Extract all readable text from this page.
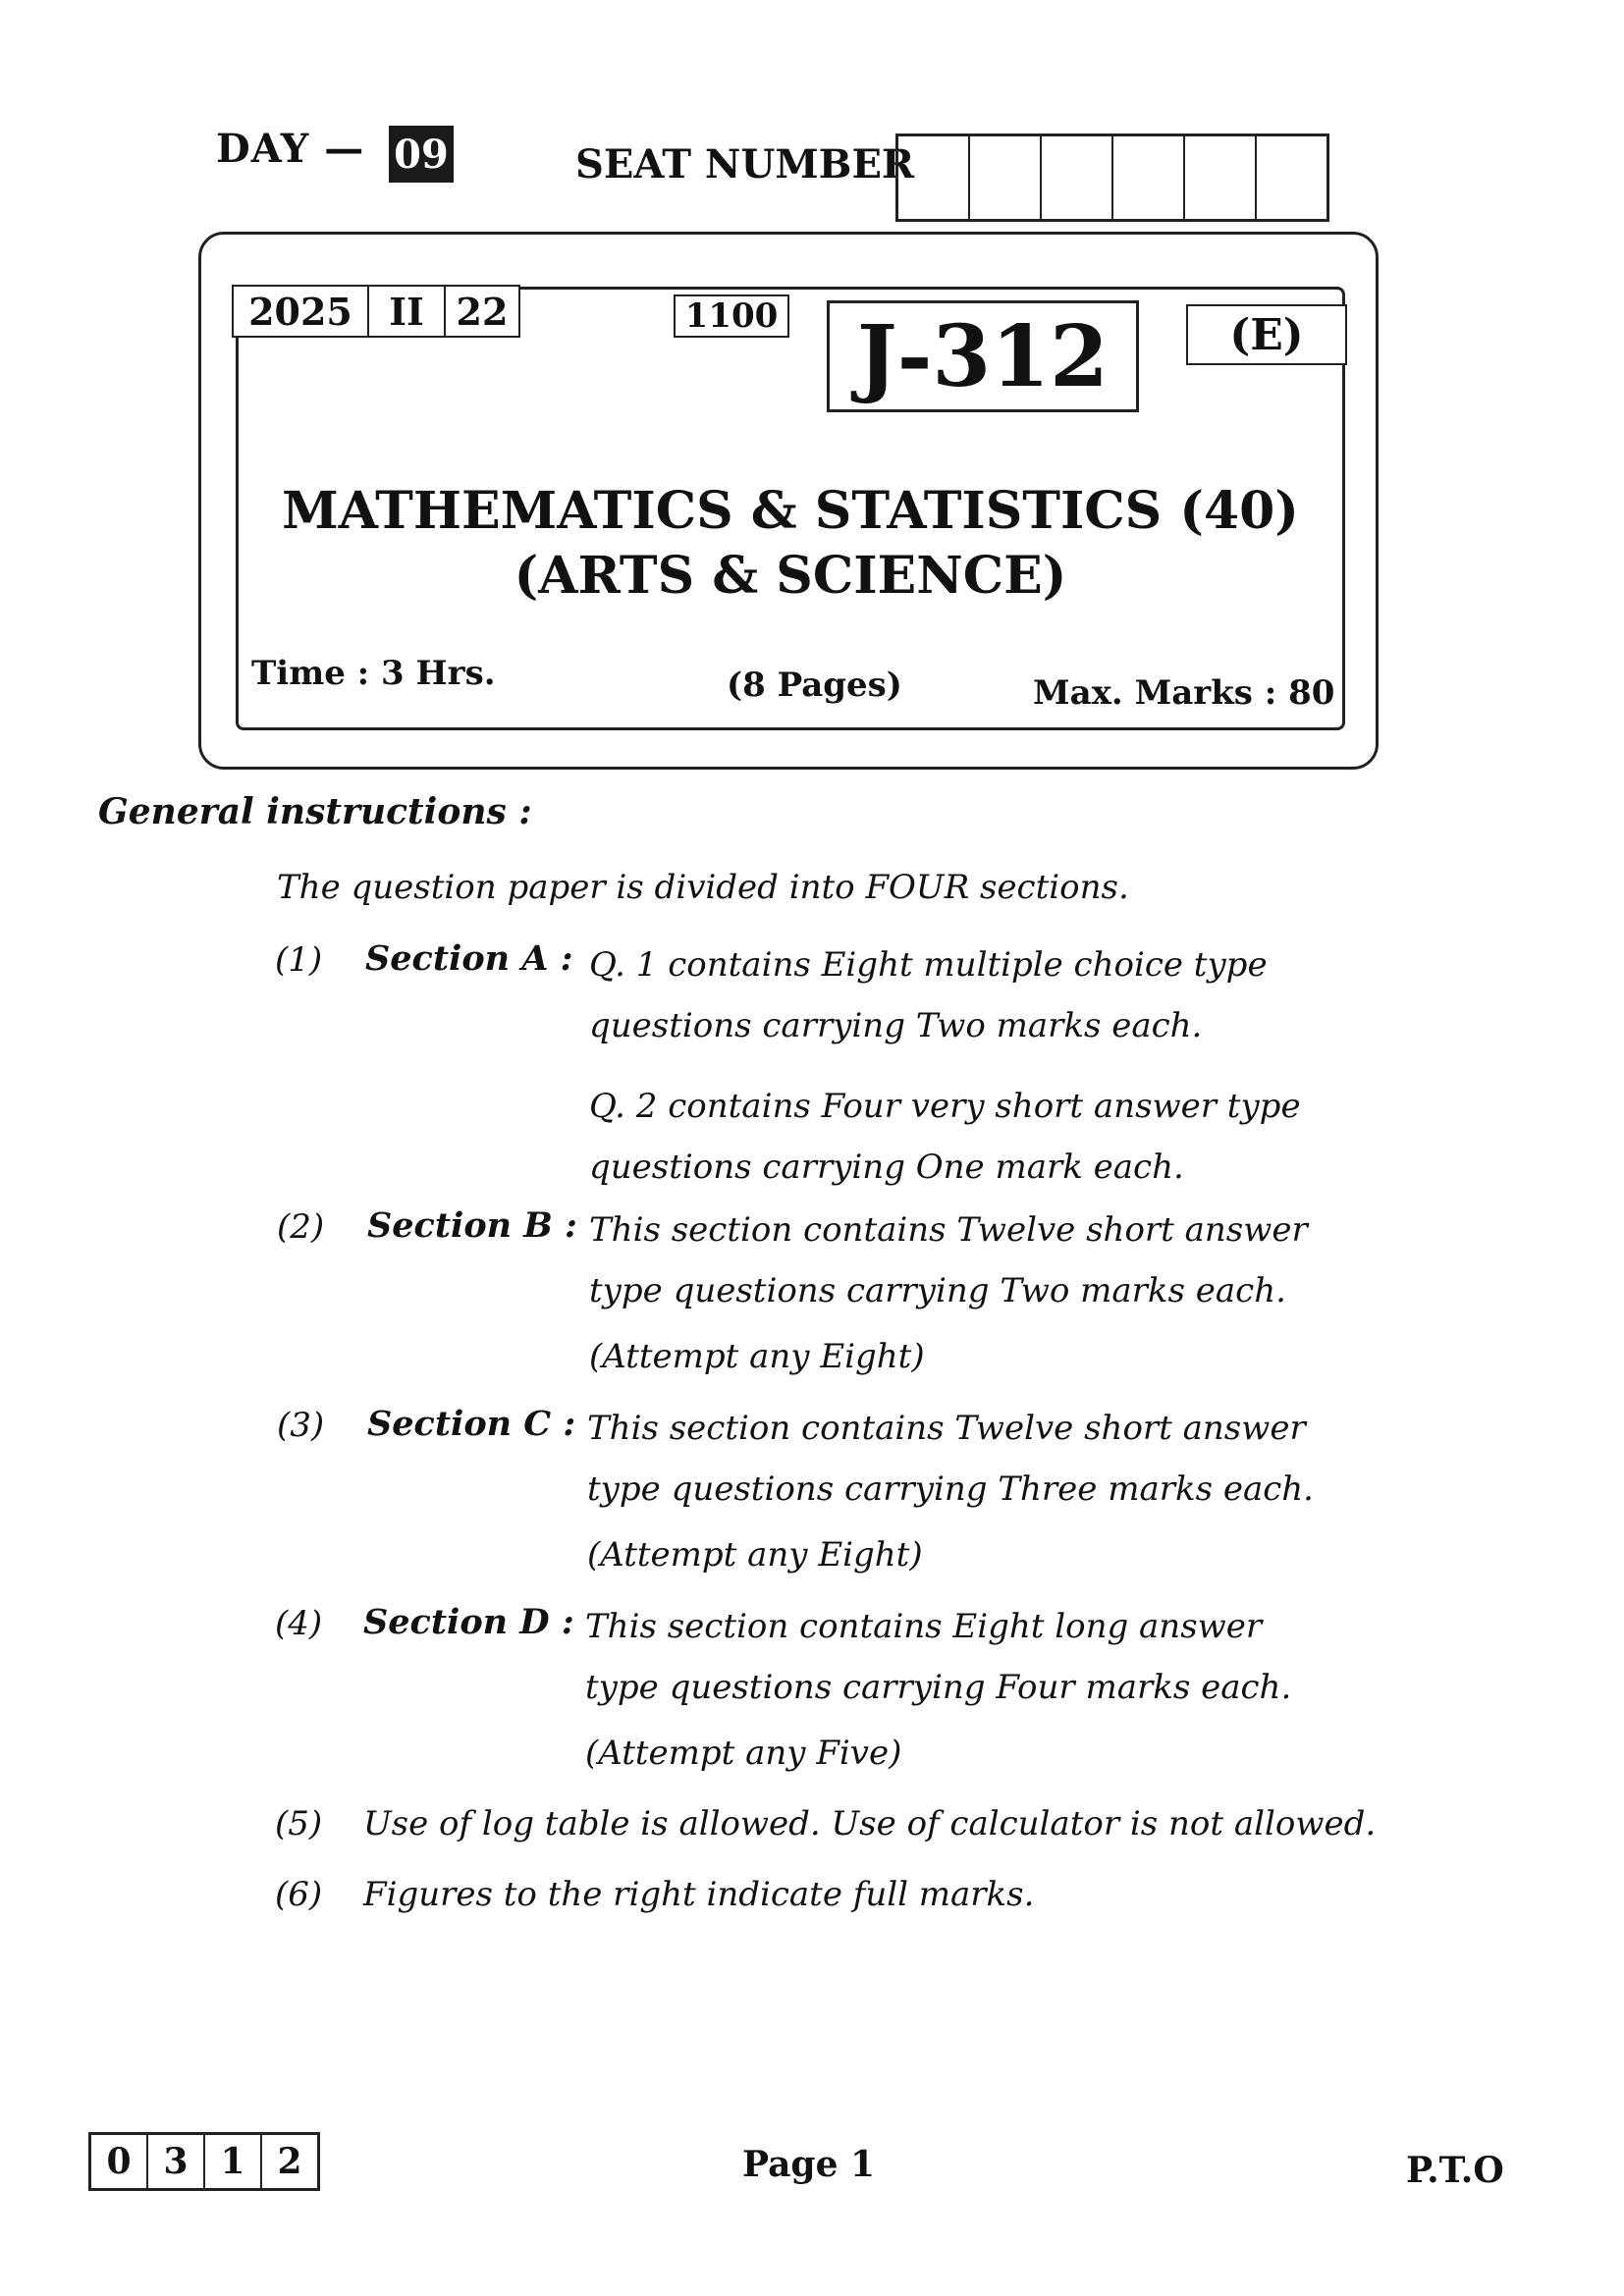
DAY — 09	SEAT NUMBER
2025 II 22	1100 J-312	(E)
MATHEMATICS & STATISTICS (40)
(ARTS & SCIENCE)
Time : 3 Hrs.	(8 Pages)	Max. Marks : 80
General instructions :
The question paper is divided into FOUR sections.
(1) Section A : Q. 1 contains Eight multiple choice type questions carrying Two marks each.
Q. 2 contains Four very short answer type questions carrying One mark each.
(2) Section B : This section contains Twelve short answer type questions carrying Two marks each.
(Attempt any Eight)
(3) Section C : This section contains Twelve short answer type questions carrying Three marks each.
(Attempt any Eight)
(4) Section D : This section contains Eight long answer type questions carrying Four marks each.
(Attempt any Five)
(5) Use of log table is allowed. Use of calculator is not allowed.
(6) Figures to the right indicate full marks.
0 3 1 2	Page 1	P.T.O
